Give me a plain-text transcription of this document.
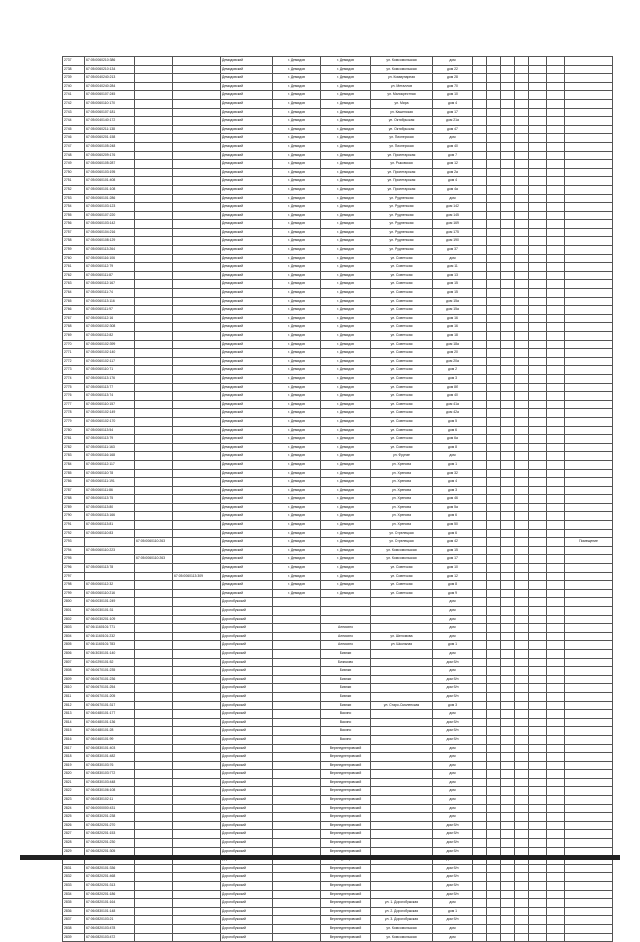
2737	67:05:0060210:386			Демидовский	г. Демидов	г. Демидов	ул. Комсомольская	дом							
2738	67:05:0060210:134			Демидовский	г. Демидов	г. Демидов	ул. Комсомольская	дом 22							
2739	67:05:0040240:213			Демидовский	г. Демидов	г. Демидов	ул. Коммунарная	дом 28							
2740	67:05:0040240:284			Демидовский	г. Демидов	г. Демидов	ул. Металлов	дом 70							
2741	67:05:0060107:245			Демидовский	г. Демидов	г. Демидов	ул. Малокрестная	дом 10							
2742	67:05:0060110:170			Демидовский	г. Демидов	г. Демидов	ул. Мира	дом 4							
2743	67:05:0060107:181			Демидовский	г. Демидов	г. Демидов	ул. Кашенская	дом 17							
2744	67:05:0040140:172			Демидовский	г. Демидов	г. Демидов	ул. Октябрьская	дом 21а							
2745	67:05:0060211:138			Демидовский	г. Демидов	г. Демидов	ул. Октябрьская	дом 47							
2746	67:05:0060201:158			Демидовский	г. Демидов	г. Демидов	ул. Пионерская	дом							
2747	67:05:0060105:248			Демидовский	г. Демидов	г. Демидов	ул. Пионерская	дом 40							
2748	67:05:0060209:176			Демидовский	г. Демидов	г. Демидов	ул. Пролетарская	дом 7							
2749	67:05:0060105:287			Демидовский	г. Демидов	г. Демидов	ул. Рыковская	дом 12							
2750	67:05:0060103:195			Демидовский	г. Демидов	г. Демидов	ул. Пролетарская	дом 2а							
2751	67:05:0060101:408			Демидовский	г. Демидов	г. Демидов	ул. Пролетарская	дом 4							
2752	67:05:0060101:108			Демидовский	г. Демидов	г. Демидов	ул. Пролетарская	дом 4а							
2753	67:05:0060101:286			Демидовский	г. Демидов	г. Демидов	ул. Рудненская	дом							
2754	67:05:0060103:123			Демидовский	г. Демидов	г. Демидов	ул. Рудненская	дом 142							
2755	67:05:0060107:220			Демидовский	г. Демидов	г. Демидов	ул. Рудненская	дом 145							
2756	67:05:0060103:142			Демидовский	г. Демидов	г. Демидов	ул. Рудненская	дом 169							
2757	67:05:0060104:216			Демидовский	г. Демидов	г. Демидов	ул. Рудненская	дом 175							
2758	67:05:0060108:129			Демидовский	г. Демидов	г. Демидов	ул. Рудненская	дом 190							
2759	67:05:0060113:264			Демидовский	г. Демидов	г. Демидов	ул. Рудненская	дом 37							
2760	67:05:0060116:106			Демидовский	г. Демидов	г. Демидов	ул. Советская	дом							
2761	67:05:0060112:79			Демидовский	г. Демидов	г. Демидов	ул. Советская	дом 11							
2762	67:05:0060111:87			Демидовский	г. Демидов	г. Демидов	ул. Советская	дом 13							
2763	67:05:0060112:167			Демидовский	г. Демидов	г. Демидов	ул. Советская	дом 15							
2764	67:05:0060111:74			Демидовский	г. Демидов	г. Демидов	ул. Советская	дом 15							
2765	67:05:0060113:116			Демидовский	г. Демидов	г. Демидов	ул. Советская	дом 15а							
2766	67:05:0060111:97			Демидовский	г. Демидов	г. Демидов	ул. Советская	дом 15а							
2767	67:05:0060112:16			Демидовский	г. Демидов	г. Демидов	ул. Советская	дом 16							
2768	67:05:0060102:308			Демидовский	г. Демидов	г. Демидов	ул. Советская	дом 16							
2769	67:05:0060112:82			Демидовский	г. Демидов	г. Демидов	ул. Советская	дом 18							
2770	67:05:0060102:399			Демидовский	г. Демидов	г. Демидов	ул. Советская	дом 18а							
2771	67:05:0060102:140			Демидовский	г. Демидов	г. Демидов	ул. Советская	дом 20							
2772	67:05:0060102:117			Демидовский	г. Демидов	г. Демидов	ул. Советская	дом 20а							
2773	67:05:0060110:71			Демидовский	г. Демидов	г. Демидов	ул. Советская	дом 2							
2774	67:05:0060113:176			Демидовский	г. Демидов	г. Демидов	ул. Советская	дом 3							
2775	67:05:0060113:77			Демидовский	г. Демидов	г. Демидов	ул. Советская	дом 8б							
2776	67:05:0060113:74			Демидовский	г. Демидов	г. Демидов	ул. Советская	дом 40							
2777	67:05:0060110:157			Демидовский	г. Демидов	г. Демидов	ул. Советская	дом 41а							
2778	67:05:0060102:149			Демидовский	г. Демидов	г. Демидов	ул. Советская	дом 42а							
2779	67:05:0060102:170			Демидовский	г. Демидов	г. Демидов	ул. Советская	дом 5							
2780	67:05:0060113:54			Демидовский	г. Демидов	г. Демидов	ул. Советская	дом 6							
2781	67:05:0060113:79			Демидовский	г. Демидов	г. Демидов	ул. Советская	дом 6а							
2782	67:05:0060111:163			Демидовский	г. Демидов	г. Демидов	ул. Советская	дом 8							
2783	67:05:0060116:168			Демидовский	г. Демидов	г. Демидов	ул. Фрунзе	дом							
2784	67:05:0060112:117			Демидовский	г. Демидов	г. Демидов	ул. Хренова	дом 1							
2785	67:05:0060110:78			Демидовский	г. Демидов	г. Демидов	ул. Хренова	дом 32							
2786	67:05:0060111:191			Демидовский	г. Демидов	г. Демидов	ул. Хренова	дом 4							
2787	67:05:0060111:86			Демидовский	г. Демидов	г. Демидов	ул. Хренова	дом 3							
2788	67:05:0060113:75			Демидовский	г. Демидов	г. Демидов	ул. Хренова	дом 46							
2789	67:05:0060113:80			Демидовский	г. Демидов	г. Демидов	ул. Хренова	дом 5а							
2790	67:05:0060113:166			Демидовский	г. Демидов	г. Демидов	ул. Хренова	дом 6							
2791	67:05:0060113:81			Демидовский	г. Демидов	г. Демидов	ул. Хренова	дом 50							
2792	67:05:0060110:83			Демидовский	г. Демидов	г. Демидов	ул. Стрелецкая	дом 6							
2793		67:05:0060110:263		Демидовский	г. Демидов	г. Демидов	ул. Стрелецкая	дом 42							Помещение
2794	67:05:0060110:223			Демидовский	г. Демидов	г. Демидов	ул. Комсомольская	дом 15							
2795		67:05:0060110:263		Демидовский	г. Демидов	г. Демидов	ул. Комсомольская	дом 17							
2796	67:05:0060113:78			Демидовский	г. Демидов	г. Демидов	ул. Советская	дом 10							
2797			67:05:0060113:309	Демидовский	г. Демидов	г. Демидов	ул. Советская	дом 12							
2798	67:05:0060112:32			Демидовский	г. Демидов	г. Демидов	ул. Советская	дом 8							
2799	67:05:0060110:216			Демидовский	г. Демидов	г. Демидов	ул. Советская	дом 9							
2800	67:06:0030101:249			Дорогобужский				дом							
2801	67:06:0030101:31			Дорогобужский				дом							
2802	67:06:0030201:109			Дорогобужский				дом							
2803	67:06:1160101:771			Дорогобужский		Алексино		дом							
2804	67:06:1160101:232			Дорогобужский		Алексино	ул. Шеломова	дом							
2805	67:06:1160101:783			Дорогобужский		Алексино	ул. Школьная	дом 1							
2806	67:06:3030101:140			Дорогобужский		Бизюки		дом							
2807	67:06:0290101:52			Дорогобужский		Бизюково		дом б/н							
2808	67:06:0670101:235			Дорогобужский		Бизюки		дом							
2809	67:06:0670101:236			Дорогобужский		Бизюки		дом б/н							
2810	67:06:0670101:254			Дорогобужский		Бизюки		дом б/н							
2811	67:06:0670101:205			Дорогобужский		Бизюки		дом б/н							
2812	67:06:0670101:317			Дорогобужский		Бизюки	ул. Старо-Смоленская	дом 3							
2813	67:06:0480101:177			Дорогобужский		Васино		дом							
2814	67:06:0480101:136			Дорогобужский		Васино		дом б/н							
2815	67:06:0480101:28			Дорогобужский		Васино		дом б/н							
2816	67:06:0460101:99			Дорогобужский		Васино		дом б/н							
2817	67:06:0830101:403			Дорогобужский		Верхнеднепровский		дом							
2818	67:06:0830101:482			Дорогобужский		Верхнеднепровский		дом							
2819	67:06:0830103:76			Дорогобужский		Верхнеднепровский		дом							
2820	67:06:0830103:772			Дорогобужский		Верхнеднепровский		дом							
2821	67:06:0830103:448			Дорогобужский		Верхнеднепровский		дом							
2822	67:06:0830106:108			Дорогобужский		Верхнеднепровский		дом							
2823	67:06:0830102:11			Дорогобужский		Верхнеднепровский		дом							
2824	67:06:0000000:431			Дорогобужский		Верхнеднепровский		дом							
2825	67:06:0830201:238			Дорогобужский		Верхнеднепровский		дом							
2826	67:06:0820201:270			Дорогобужский		Верхнеднепровский		дом б/н							
2827	67:06:0820201:153			Дорогобужский		Верхнеднепровский		дом б/н							
2828	67:06:0820201:230			Дорогобужский		Верхнеднепровский		дом б/н							
2829	67:06:0820201:305			Дорогобужский		Верхнеднепровский		дом б/н							

2831	67:06:0820101:336			Дорогобужский		Верхнеднепровский		дом б/н							
2832	67:06:0820201:468			Дорогобужский		Верхнеднепровский		дом б/н							
2833	67:06:0820201:313			Дорогобужский		Верхнеднепровский		дом б/н							
2834	67:06:0820201:186			Дорогобужский		Верхнеднепровский		дом б/н							
2835	67:06:0820101:164			Дорогобужский		Верхнеднепровский	ул. 1. Дорогобужская	дом							
2836	67:06:0830101:148			Дорогобужский		Верхнеднепровский	ул. 2. Дорогобужская	дом 1							
2837	67:06:0820103:21			Дорогобужский		Верхнеднепровский	ул. 3. Дорогобужская	дом б/н							
2838	67:06:0820103:478			Дорогобужский		Верхнеднепровский	ул. Комсомольская	дом							
2839	67:06:0820103:472			Дорогобужский		Верхнеднепровский	ул. Комсомольская	дом							
